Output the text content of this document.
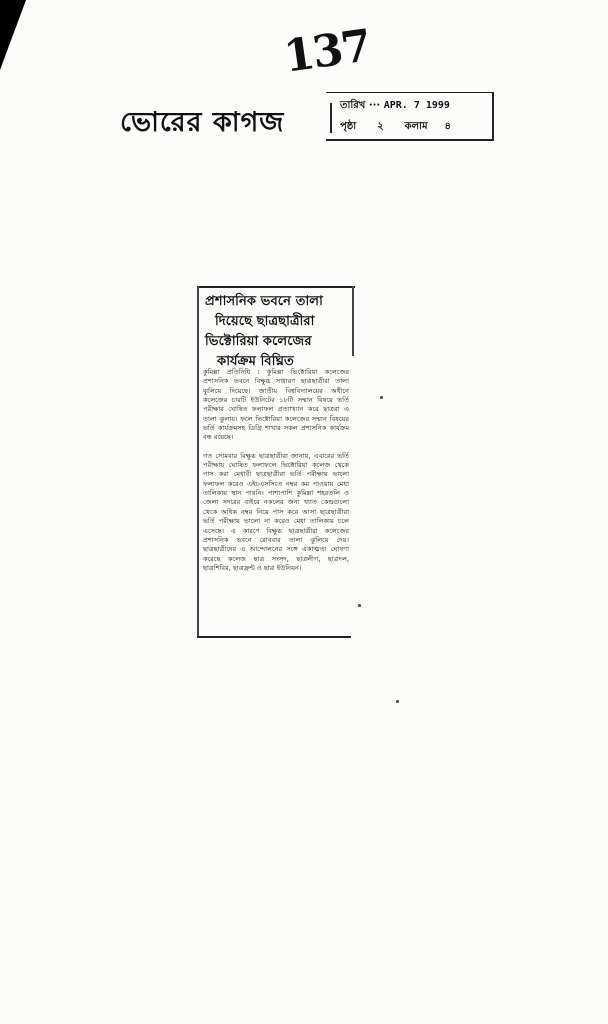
137
ভোরের কাগজ
তারিখ ··· APR. 7 1999
পৃষ্ঠা ২ কলাম ৪
প্রশাসনিক ভবনে তালা
দিয়েছে ছাত্রছাত্রীরা
ভিক্টোরিয়া কলেজের
কার্যক্রম বিঘ্নিত

কুমিল্লা প্রতিনিধি : কুমিল্লা ভিক্টোরিয়া কলেজের প্রশাসনিক ভবনে বিক্ষুব্ধ সাধারণ ছাত্রছাত্রীরা তালা ঝুলিয়ে দিয়েছে। জাতীয় বিশ্ববিদ্যালয়ের অধীনে কলেজের চারটি ইউনিটের ১৮টি সম্মান বিষয়ে ভর্তি পরীক্ষার ঘোষিত ফলাফল প্রত্যাখ্যান করে ছাত্ররা এ তালা ঝুলায়। ফলে ভিক্টোরিয়া কলেজের সম্মান বিষয়ের ভর্তি কার্যক্রমসহ ডিগ্রি শাখার সকল প্রশাসনিক কার্যক্রম বন্ধ রয়েছে।

গত সোমবার বিক্ষুব্ধ ছাত্রছাত্রীরা জানায়, এবারের ভর্তি পরীক্ষায় ঘোষিত ফলাফলে ভিক্টোরিয়া কলেজ থেকে পাস করা মেধাবী ছাত্রছাত্রীরা ভর্তি পরীক্ষায় ভালো ফলাফল করেও এইচএসসিতে নম্বর কম পাওয়ায় মেধা তালিকায় স্থান পায়নি। পাশাপাশি কুমিল্লা শহরতলি ও জেলা সদরের বাইরে নকলের জন্য খ্যাত কেন্দ্রগুলো থেকে অধিক নম্বর নিয়ে পাস করে আসা ছাত্রছাত্রীরা ভর্তি পরীক্ষায় ভালো না করেও মেধা তালিকায় চলে এসেছে। এ কারণে বিক্ষুব্ধ ছাত্রছাত্রীরা কলেজের প্রশাসনিক ভবনে রোববার তালা ঝুলিয়ে দেয়। ছাত্রছাত্রীদের এ আন্দোলনের সঙ্গে একাত্মতা ঘোষণা করেছে কলেজ ছাত্র সংসদ, ছাত্রলীগ, ছাত্রদল, ছাত্রশিবির, ছাত্রফ্রন্ট ও ছাত্র ইউনিয়ন।
